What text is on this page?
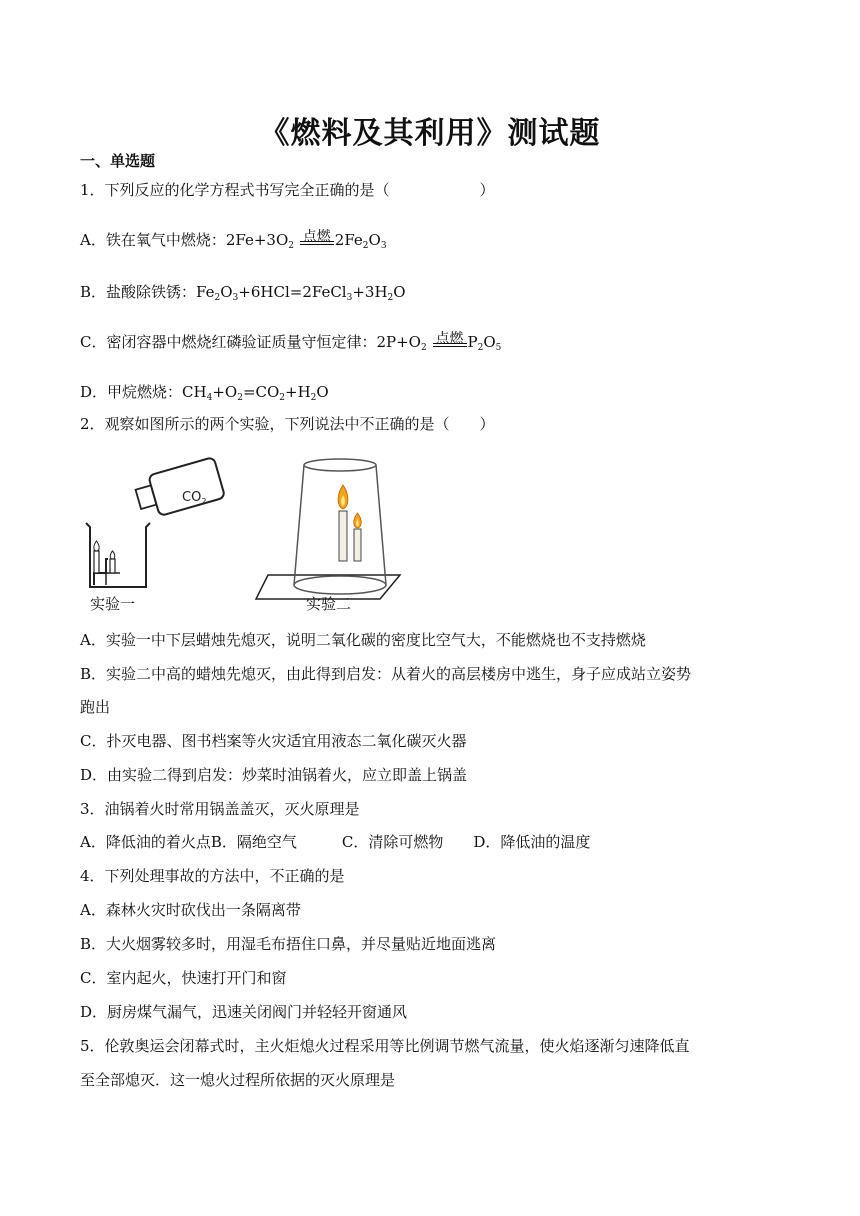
《燃料及其利用》测试题
一、单选题
1．下列反应的化学方程式书写完全正确的是（　　　　　　）
A．铁在氧气中燃烧：$2Fe+3O_2$
点燃 $2Fe_2O_3$
B．盐酸除铁锈：$Fe_2O_3+6HCl=2FeCl_3+3H_2O$
C．密闭容器中燃烧红磷验证质量守恒定律：$2P+O_2$
点燃 $P_2O_5$
D．甲烷燃烧：$CH_4+O_2=CO_2+H_2O$
2．观察如图所示的两个实验，下列说法中不正确的是（　　）
$CO_2$
实验一	实验二
A．实验一中下层蜡烛先熄灭，说明二氧化碳的密度比空气大，不能燃烧也不支持燃烧
B．实验二中高的蜡烛先熄灭，由此得到启发：从着火的高层楼房中逃生，身子应成站立姿势
跑出
C．扑灭电器、图书档案等火灾适宜用液态二氧化碳灭火器
D．由实验二得到启发：炒菜时油锅着火，应立即盖上锅盖
3．油锅着火时常用锅盖盖灭，灭火原理是
A．降低油的着火点B．隔绝空气　　　C．清除可燃物　　D．降低油的温度
4．下列处理事故的方法中，不正确的是
A．森林火灾时砍伐出一条隔离带
B．大火烟雾较多时，用湿毛布捂住口鼻，并尽量贴近地面逃离
C．室内起火，快速打开门和窗
D．厨房煤气漏气，迅速关闭阀门并轻轻开窗通风
5．伦敦奥运会闭幕式时，主火炬熄火过程采用等比例调节燃气流量，使火焰逐渐匀速降低直
至全部熄灭．这一熄火过程所依据的灭火原理是
